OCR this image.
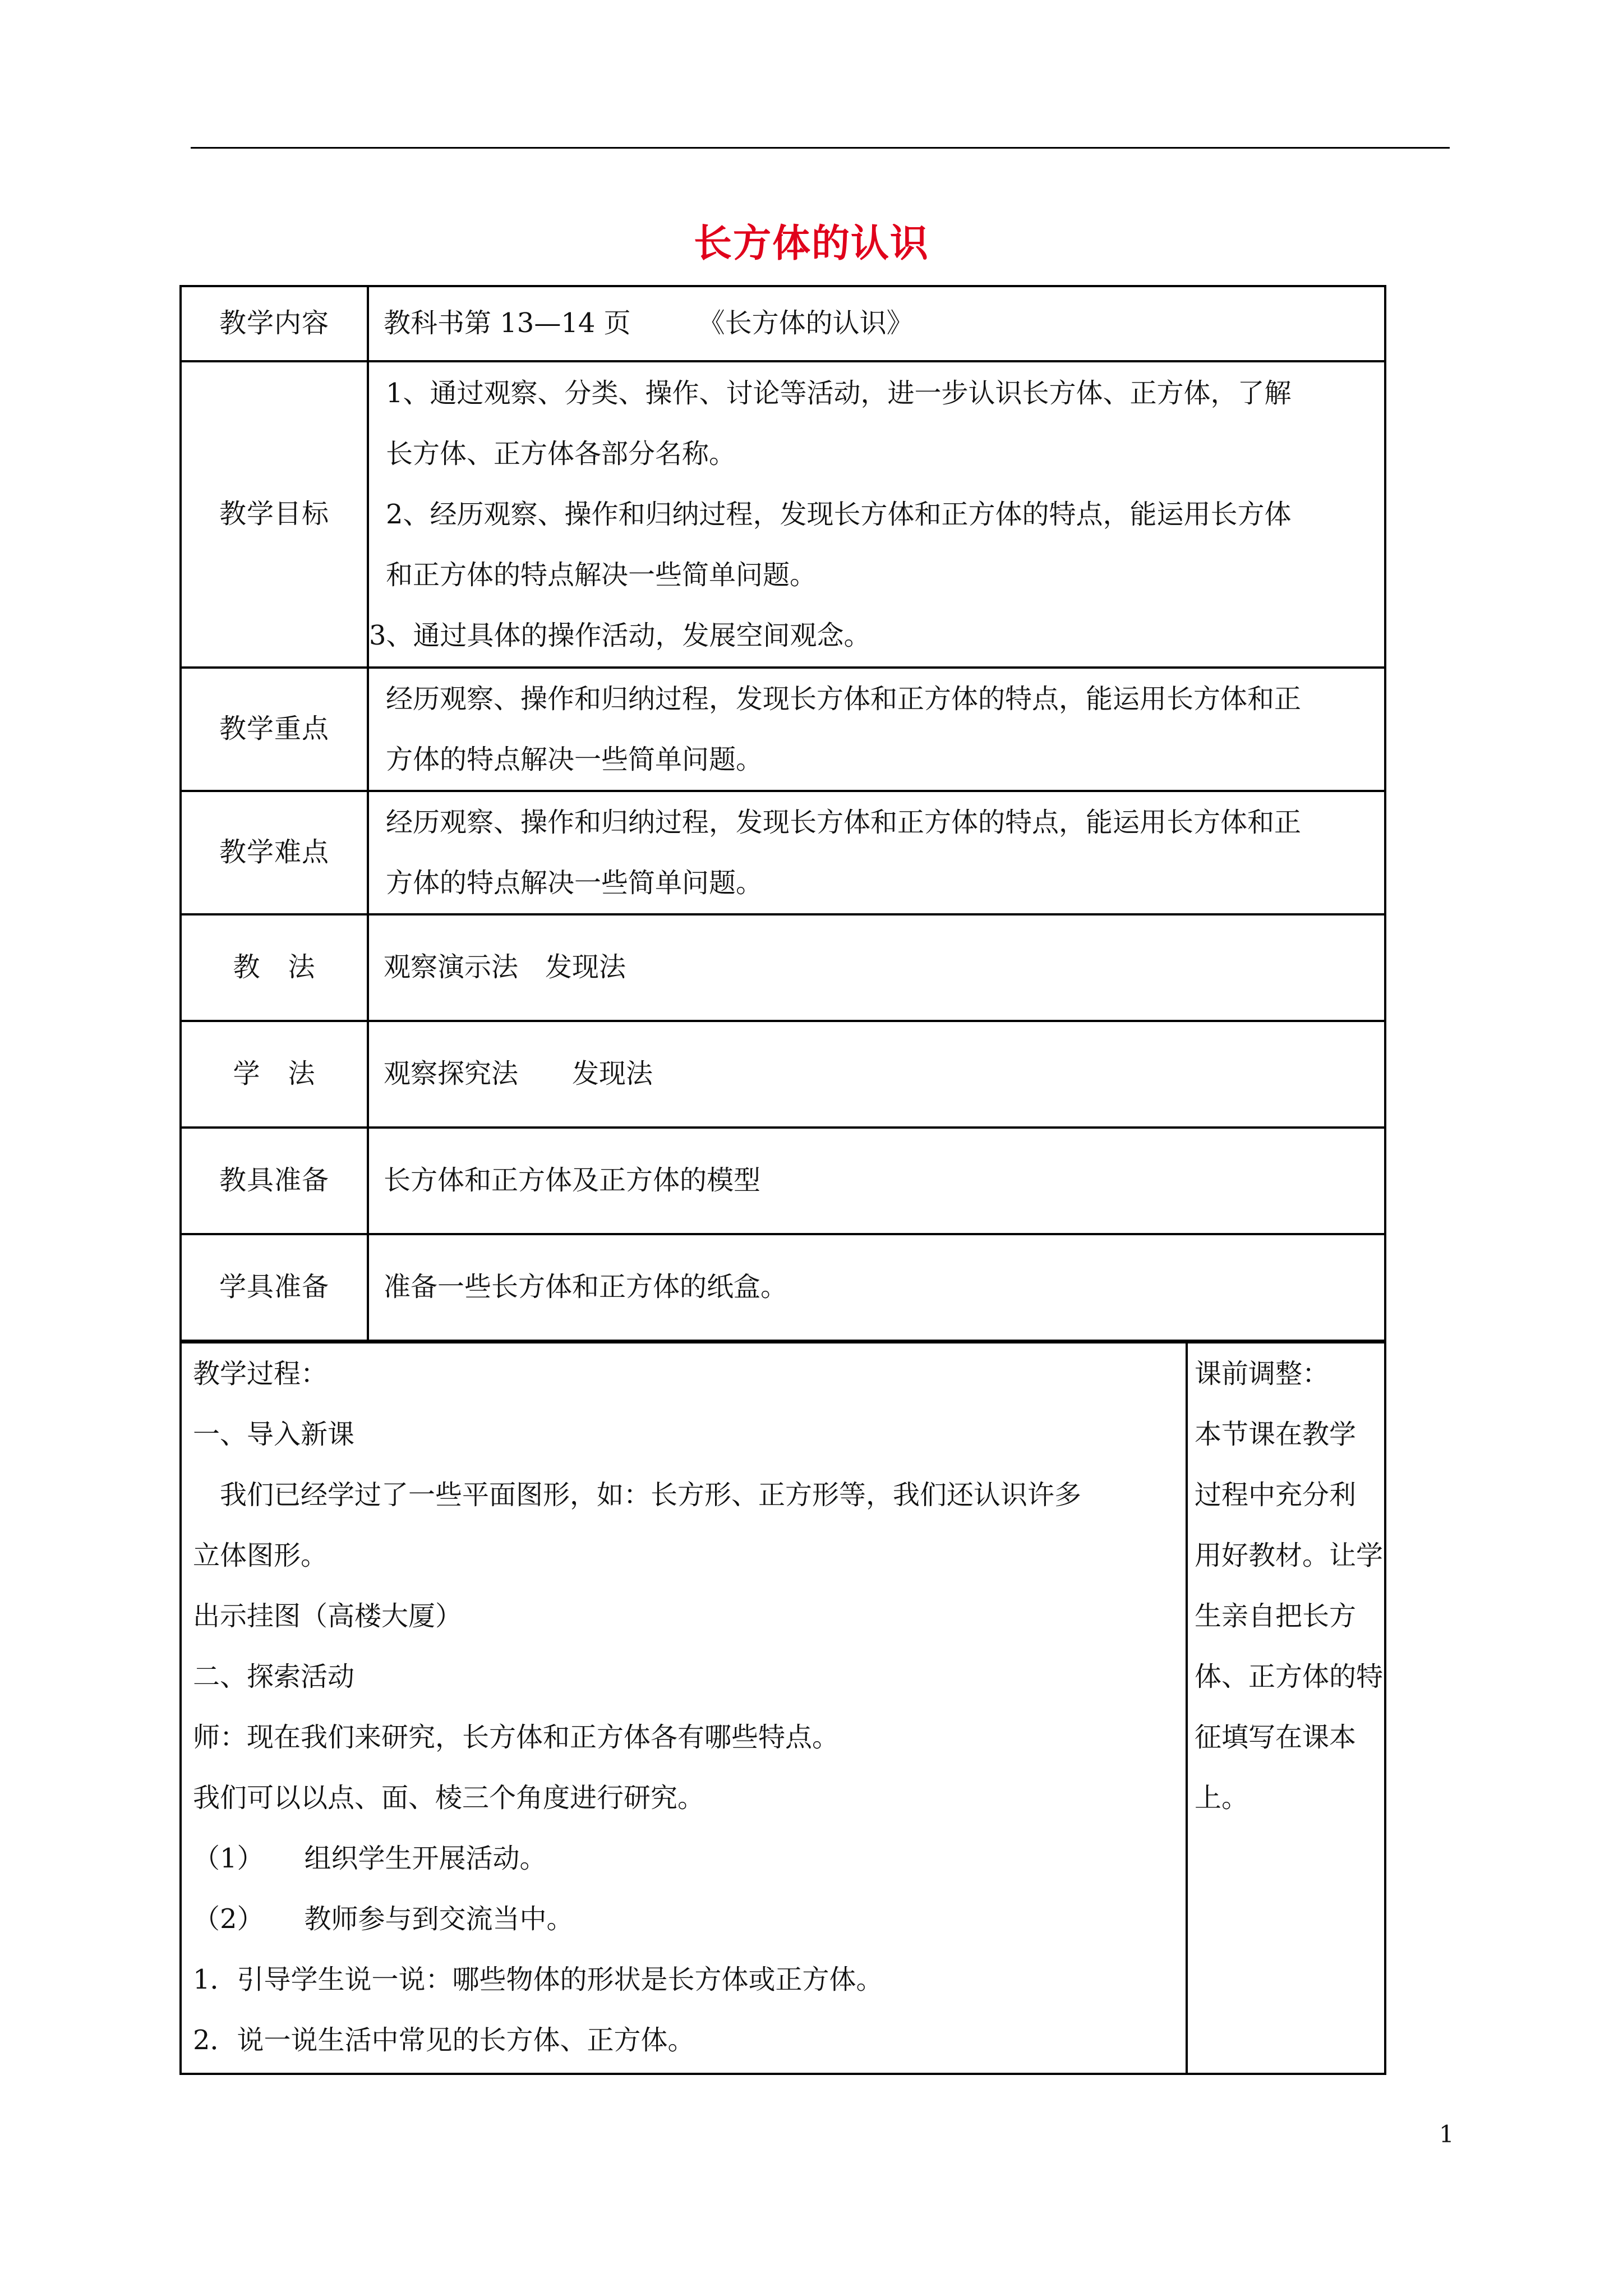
长方体的认识
教学内容	教科书第 13—14 页　　　《长方体的认识》
教学目标	1、通过观察、分类、操作、讨论等活动，进一步认识长方体、正方体，了解

长方体、正方体各部分名称。

2、经历观察、操作和归纳过程，发现长方体和正方体的特点，能运用长方体

和正方体的特点解决一些简单问题。

3、通过具体的操作活动，发展空间观念。

教学重点	经历观察、操作和归纳过程，发现长方体和正方体的特点，能运用长方体和正

方体的特点解决一些简单问题。

教学难点	经历观察、操作和归纳过程，发现长方体和正方体的特点，能运用长方体和正

方体的特点解决一些简单问题。

教　法	观察演示法　发现法
学　法	观察探究法　　发现法
教具准备	长方体和正方体及正方体的模型
学具准备	准备一些长方体和正方体的纸盒。
教学过程：
一、导入新课
　我们已经学过了一些平面图形，如：长方形、正方形等，我们还认识许多
立体图形。
出示挂图（高楼大厦）
二、探索活动
师：现在我们来研究，长方体和正方体各有哪些特点。
我们可以以点、面、棱三个角度进行研究。
（1）　　组织学生开展活动。
（2）　　教师参与到交流当中。
1．引导学生说一说：哪些物体的形状是长方体或正方体。
2．说一说生活中常见的长方体、正方体。

课前调整：
本节课在教学
过程中充分利
用好教材。让学
生亲自把长方
体、正方体的特
征填写在课本
上。
1
